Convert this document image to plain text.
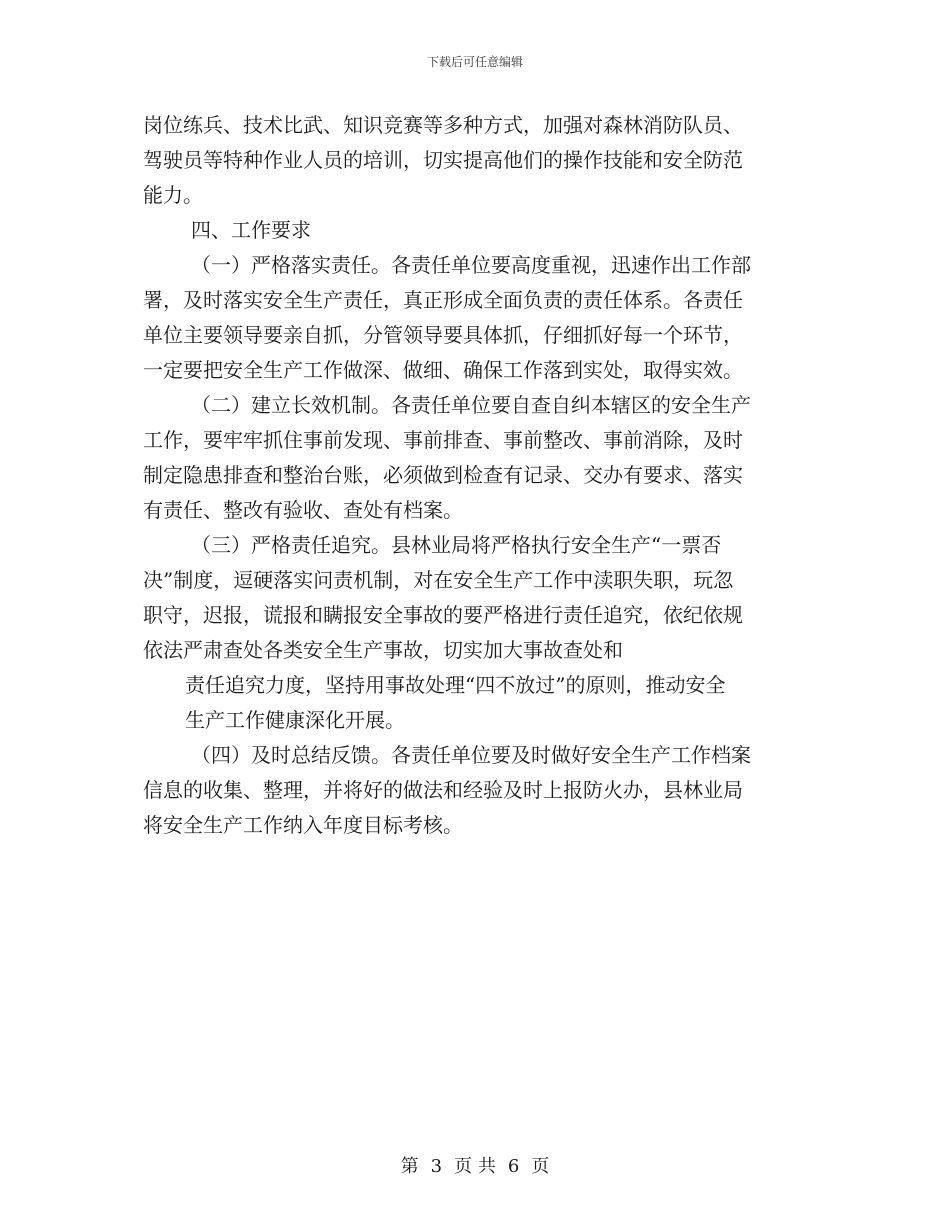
下载后可任意编辑
岗位练兵、技术比武、知识竞赛等多种方式，加强对森林消防队员、
驾驶员等特种作业人员的培训，切实提高他们的操作技能和安全防范
能力。
四、工作要求
（一）严格落实责任。各责任单位要高度重视，迅速作出工作部
署，及时落实安全生产责任，真正形成全面负责的责任体系。各责任
单位主要领导要亲自抓，分管领导要具体抓，仔细抓好每一个环节，
一定要把安全生产工作做深、做细、确保工作落到实处，取得实效。
（二）建立长效机制。各责任单位要自查自纠本辖区的安全生产
工作，要牢牢抓住事前发现、事前排查、事前整改、事前消除，及时
制定隐患排查和整治台账，必须做到检查有记录、交办有要求、落实
有责任、整改有验收、查处有档案。
（三）严格责任追究。县林业局将严格执行安全生产“一票否
决”制度，逗硬落实问责机制，对在安全生产工作中渎职失职，玩忽
职守，迟报，谎报和瞒报安全事故的要严格进行责任追究，依纪依规
依法严肃查处各类安全生产事故，切实加大事故查处和
责任追究力度，坚持用事故处理“四不放过”的原则，推动安全
生产工作健康深化开展。
（四）及时总结反馈。各责任单位要及时做好安全生产工作档案
信息的收集、整理，并将好的做法和经验及时上报防火办，县林业局
将安全生产工作纳入年度目标考核。
第 3 页 共 6 页
